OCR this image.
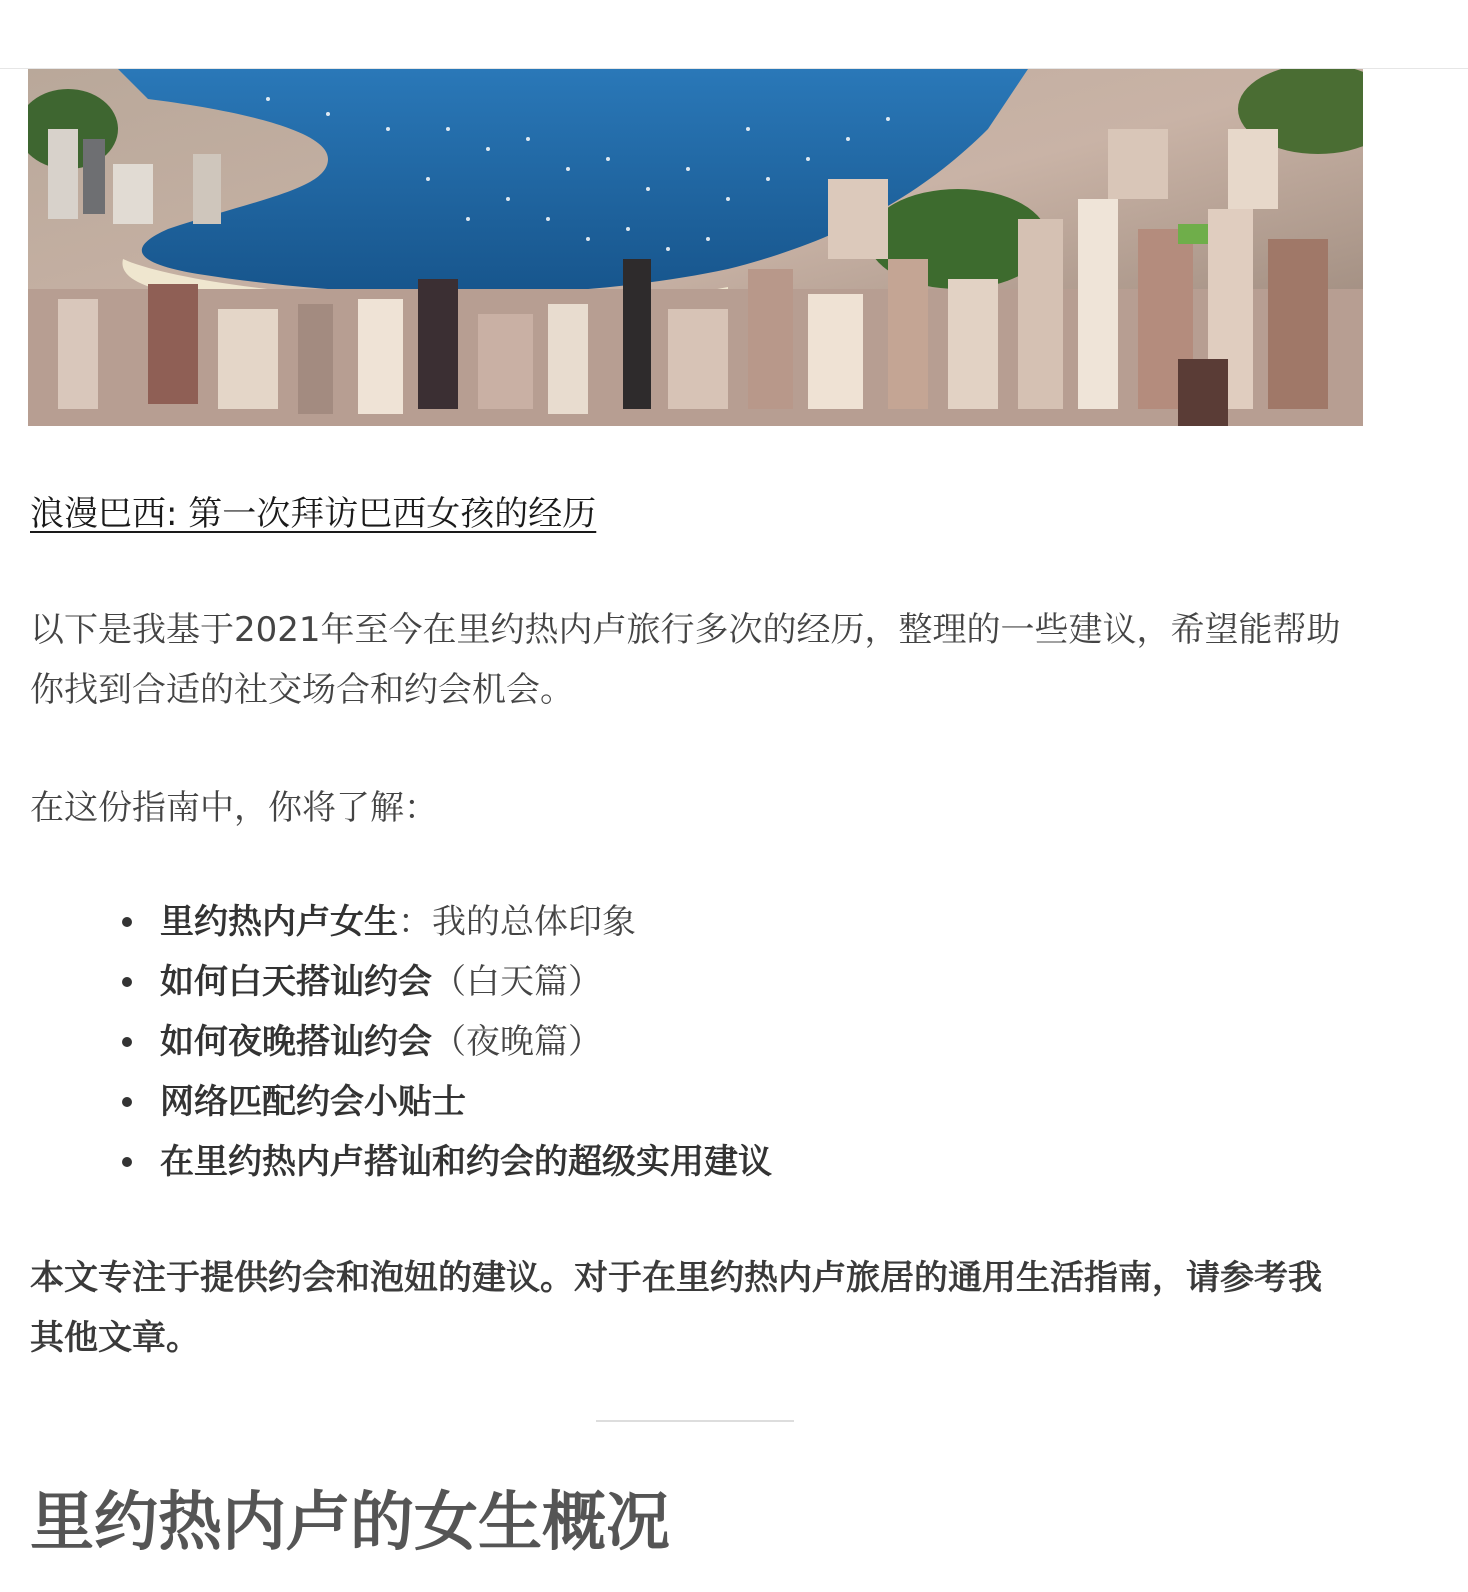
浪漫巴西: 第一次拜访巴西女孩的经历

以下是我基于2021年至今在里约热内卢旅行多次的经历，整理的一些建议，希望能帮助你找到合适的社交场合和约会机会。

在这份指南中，你将了解：

里约热内卢女生：我的总体印象
如何白天搭讪约会（白天篇）
如何夜晚搭讪约会（夜晚篇）
网络匹配约会小贴士
在里约热内卢搭讪和约会的超级实用建议

本文专注于提供约会和泡妞的建议。对于在里约热内卢旅居的通用生活指南，请参考我其他文章。

里约热内卢的女生概况
